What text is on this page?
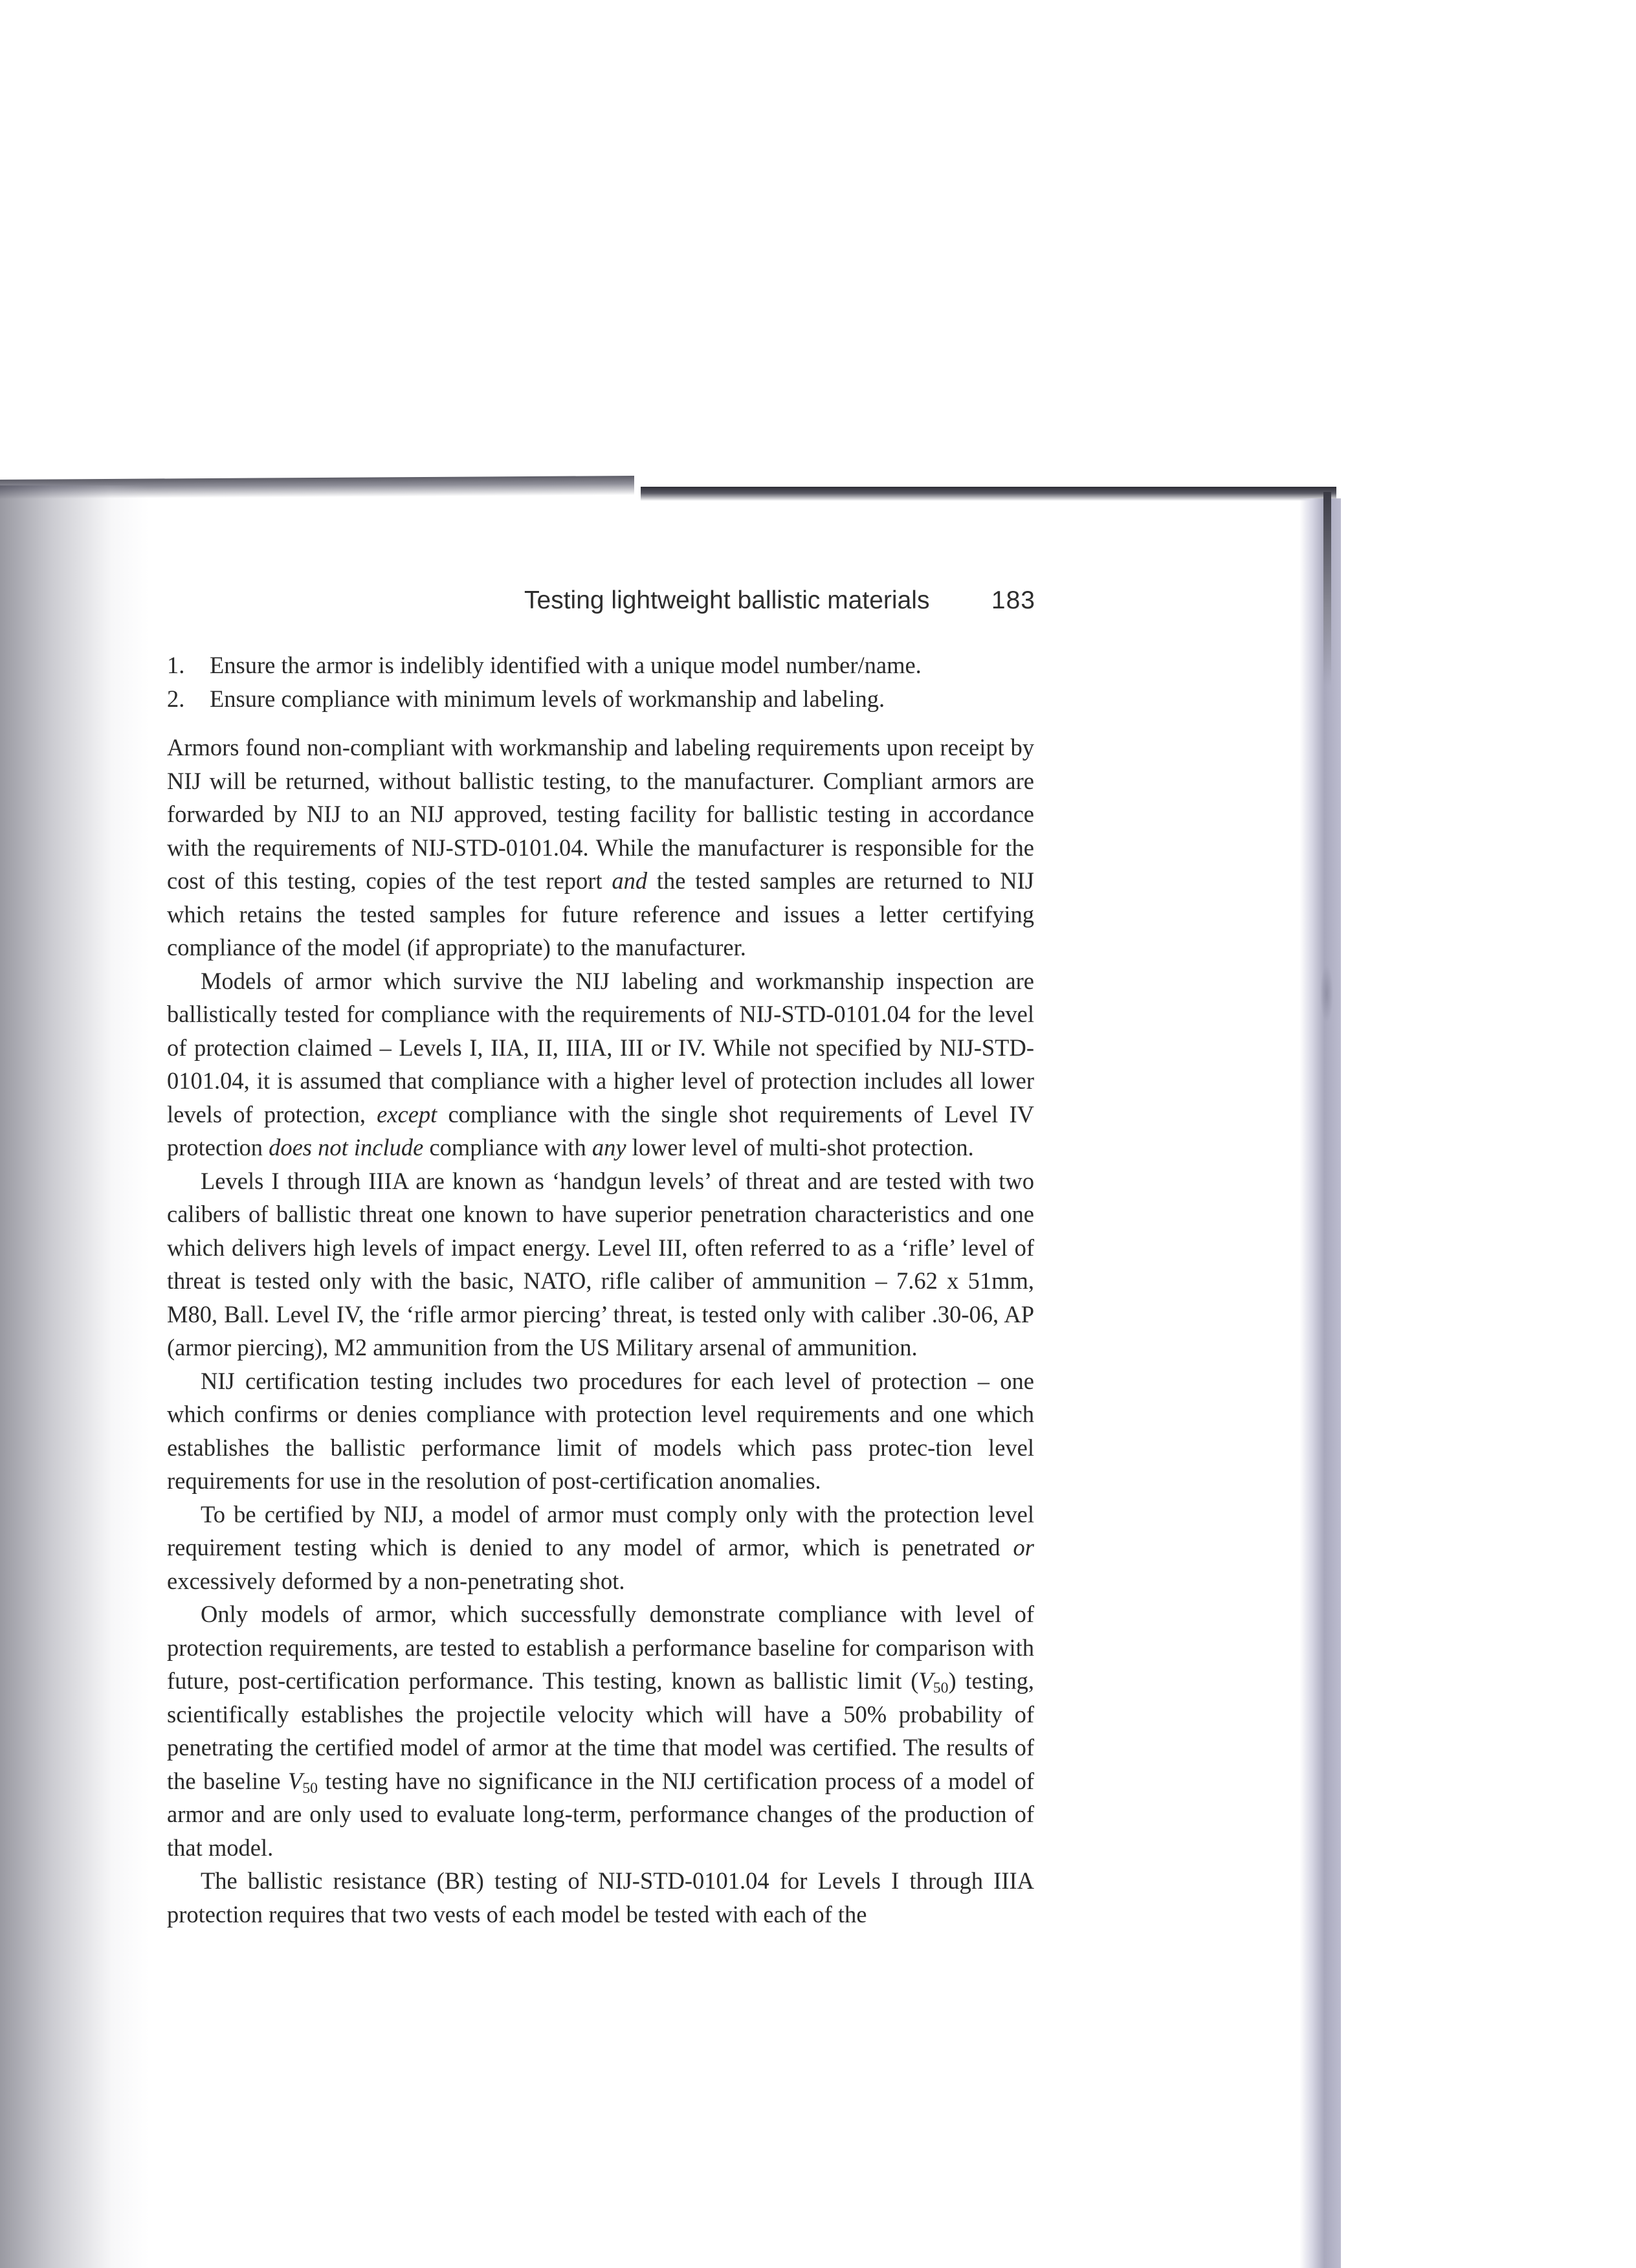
Testing lightweight ballistic materials 183
1.	Ensure the armor is indelibly identified with a unique model number/name.
2.	Ensure compliance with minimum levels of workmanship and labeling.

Armors found non-compliant with workmanship and labeling requirements upon receipt by NIJ will be returned, without ballistic testing, to the manufacturer. Compliant armors are forwarded by NIJ to an NIJ approved, testing facility for ballistic testing in accordance with the requirements of NIJ-STD-0101.04. While the manufacturer is responsible for the cost of this testing, copies of the test report and the tested samples are returned to NIJ which retains the tested samples for future reference and issues a letter certifying compliance of the model (if appropriate) to the manufacturer.

Models of armor which survive the NIJ labeling and workmanship inspection are ballistically tested for compliance with the requirements of NIJ-STD-0101.04 for the level of protection claimed – Levels I, IIA, II, IIIA, III or IV. While not specified by NIJ-STD-0101.04, it is assumed that compliance with a higher level of protection includes all lower levels of protection, except compliance with the single shot requirements of Level IV protection does not include compliance with any lower level of multi-shot protection.

Levels I through IIIA are known as ‘handgun levels’ of threat and are tested with two calibers of ballistic threat one known to have superior penetration characteristics and one which delivers high levels of impact energy. Level III, often referred to as a ‘rifle’ level of threat is tested only with the basic, NATO, rifle caliber of ammunition – 7.62 x 51mm, M80, Ball. Level IV, the ‘rifle armor piercing’ threat, is tested only with caliber .30-06, AP (armor piercing), M2 ammunition from the US Military arsenal of ammunition.

NIJ certification testing includes two procedures for each level of protection – one which confirms or denies compliance with protection level requirements and one which establishes the ballistic performance limit of models which pass protec-tion level requirements for use in the resolution of post-certification anomalies.

To be certified by NIJ, a model of armor must comply only with the protection level requirement testing which is denied to any model of armor, which is penetrated or excessively deformed by a non-penetrating shot.

Only models of armor, which successfully demonstrate compliance with level of protection requirements, are tested to establish a performance baseline for comparison with future, post-certification performance. This testing, known as ballistic limit $(V_{50})$ testing, scientifically establishes the projectile velocity which will have a 50% probability of penetrating the certified model of armor at the time that model was certified. The results of the baseline $V_{50}$ testing have no significance in the NIJ certification process of a model of armor and are only used to evaluate long-term, performance changes of the production of that model.

The ballistic resistance (BR) testing of NIJ-STD-0101.04 for Levels I through IIIA protection requires that two vests of each model be tested with each of the
